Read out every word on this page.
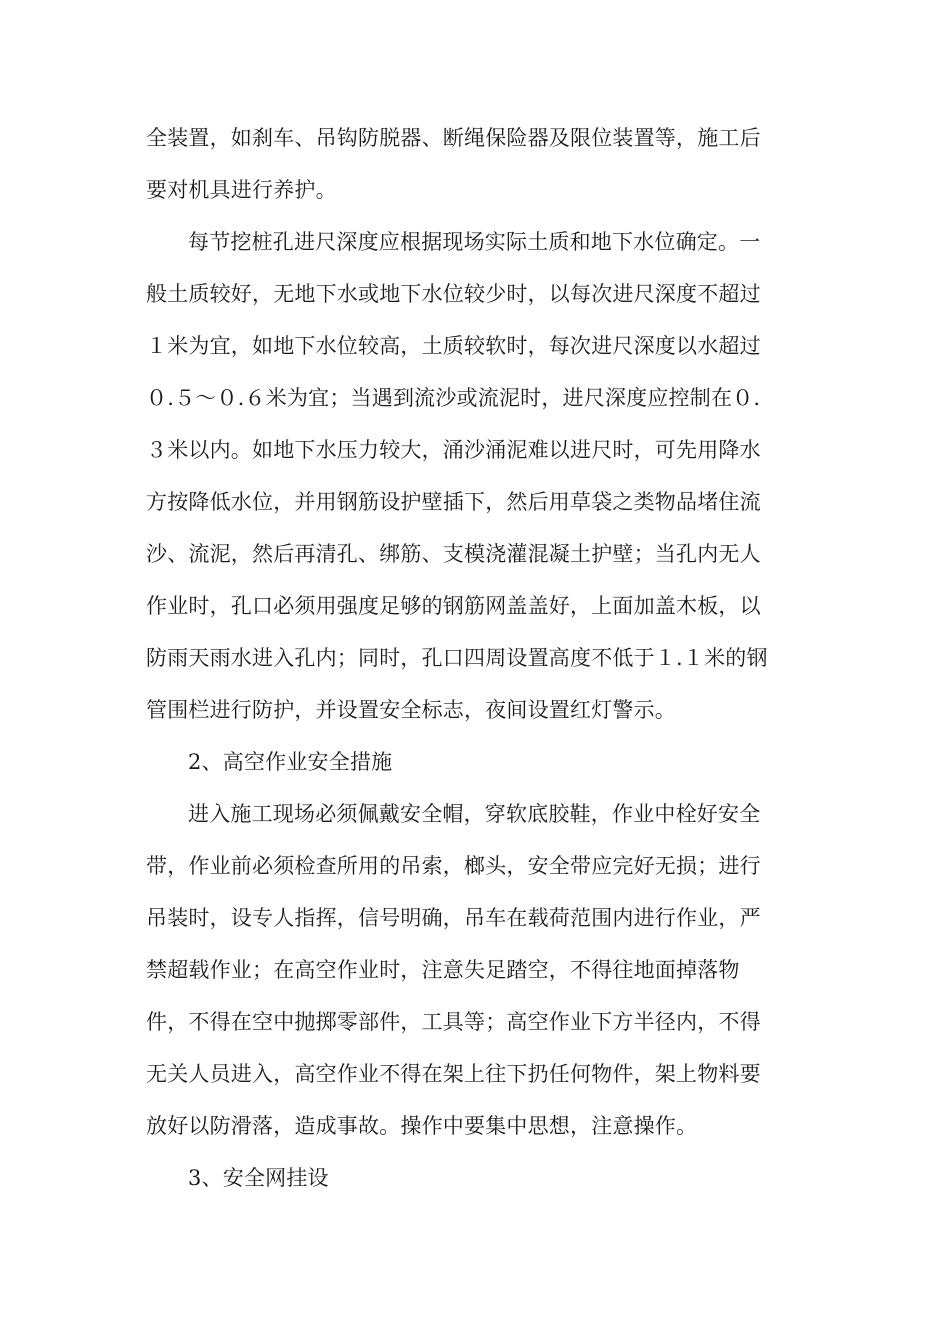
全装置，如刹车、吊钩防脱器、断绳保险器及限位装置等，施工后
要对机具进行养护。
每节挖桩孔进尺深度应根据现场实际土质和地下水位确定。一
般土质较好，无地下水或地下水位较少时，以每次进尺深度不超过
１米为宜，如地下水位较高，土质较软时，每次进尺深度以水超过
０.５～０.６米为宜；当遇到流沙或流泥时，进尺深度应控制在０.
３米以内。如地下水压力较大，涌沙涌泥难以进尺时，可先用降水
方按降低水位，并用钢筋设护壁插下，然后用草袋之类物品堵住流
沙、流泥，然后再清孔、绑筋、支模浇灌混凝土护壁；当孔内无人
作业时，孔口必须用强度足够的钢筋网盖盖好，上面加盖木板，以
防雨天雨水进入孔内；同时，孔口四周设置高度不低于１.１米的钢
管围栏进行防护，并设置安全标志，夜间设置红灯警示。
2、高空作业安全措施
进入施工现场必须佩戴安全帽，穿软底胶鞋，作业中栓好安全
带，作业前必须检查所用的吊索，榔头，安全带应完好无损；进行
吊装时，设专人指挥，信号明确，吊车在载荷范围内进行作业，严
禁超载作业；在高空作业时，注意失足踏空，不得往地面掉落物
件，不得在空中抛掷零部件，工具等；高空作业下方半径内，不得
无关人员进入，高空作业不得在架上往下扔任何物件，架上物料要
放好以防滑落，造成事故。操作中要集中思想，注意操作。
3、安全网挂设
